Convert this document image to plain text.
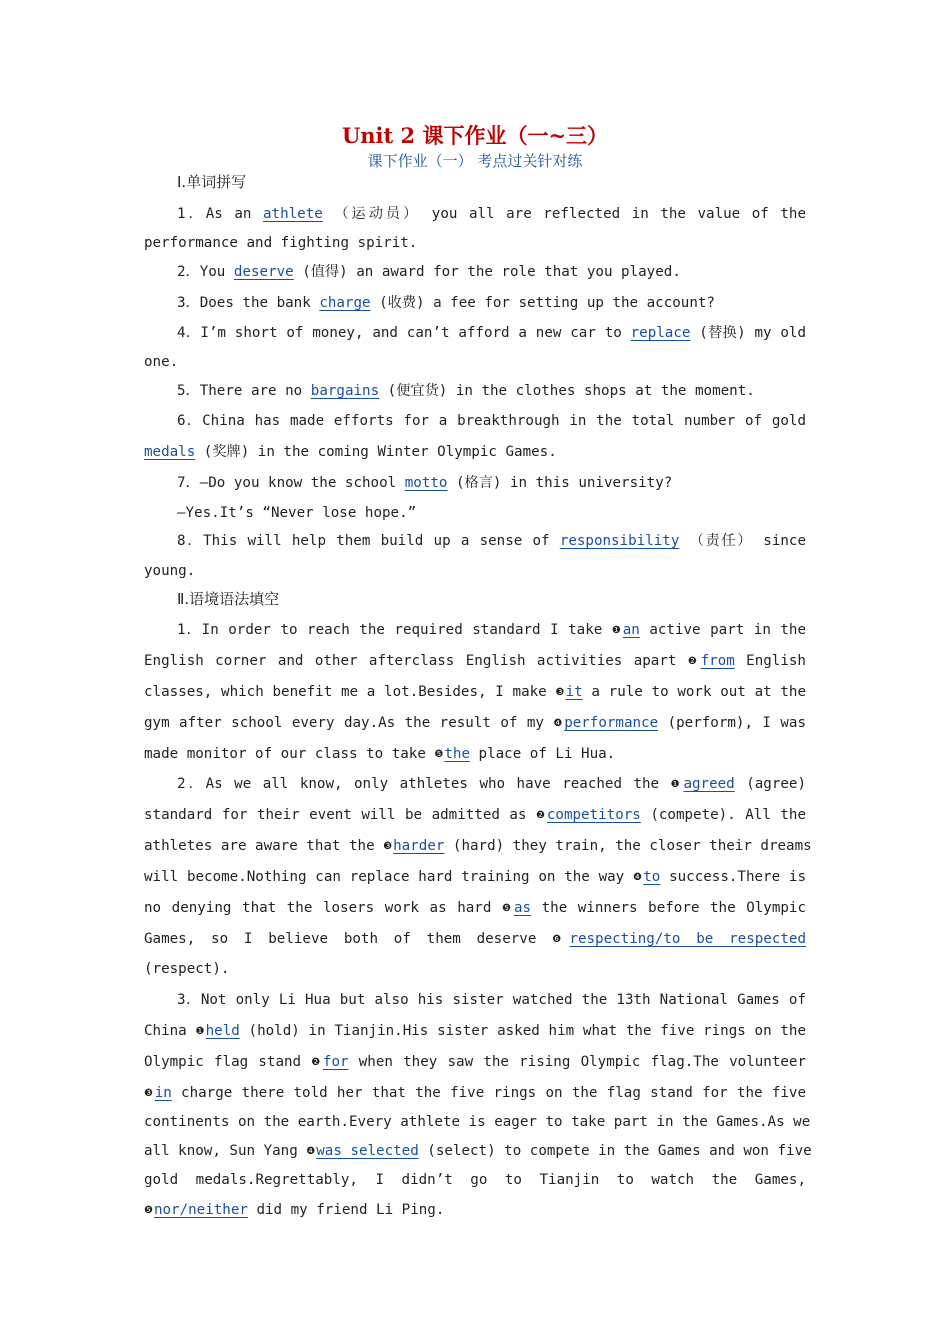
Unit 2 课下作业（一~三）
课下作业（一） 考点过关针对练
Ⅰ.单词拼写
1．As an athlete （运动员） you all are reflected in the value of the
performance and fighting spirit.
2．You deserve (值得) an award for the role that you played.
3．Does the bank charge (收费) a fee for setting up the account?
4．I’m short of money, and can’t afford a new car to replace (替换) my old
one.
5．There are no bargains (便宜货) in the clothes shops at the moment.
6．China has made efforts for a breakthrough in the total number of gold
medals (奖牌) in the coming Winter Olympic Games.
7．—Do you know the school motto (格言) in this university?
—Yes.It’s “Never lose hope.”
8．This will help them build up a sense of responsibility （责任） since
young.
Ⅱ.语境语法填空
1．In order to reach the required standard I take ❶an active part in the
English corner and other afterclass English activities apart ❷from English
classes, which benefit me a lot.Besides, I make ❸it a rule to work out at the
gym after school every day.As the result of my ❹performance (perform), I was
made monitor of our class to take ❺the place of Li Hua.
2．As we all know, only athletes who have reached the ❶agreed (agree)
standard for their event will be admitted as ❷competitors (compete). All the
athletes are aware that the ❸harder (hard) they train, the closer their dreams
will become.Nothing can replace hard training on the way ❹to success.There is
no denying that the losers work as hard ❺as the winners before the Olympic
Games, so I believe both of them deserve ❻respecting/to be respected
(respect).
3．Not only Li Hua but also his sister watched the 13th National Games of
China ❶held (hold) in Tianjin.His sister asked him what the five rings on the
Olympic flag stand ❷for when they saw the rising Olympic flag.The volunteer
❸in charge there told her that the five rings on the flag stand for the five
continents on the earth.Every athlete is eager to take part in the Games.As we
all know, Sun Yang ❹was selected (select) to compete in the Games and won five
gold medals.Regrettably, I didn’t go to Tianjin to watch the Games,
❺nor/neither did my friend Li Ping.
